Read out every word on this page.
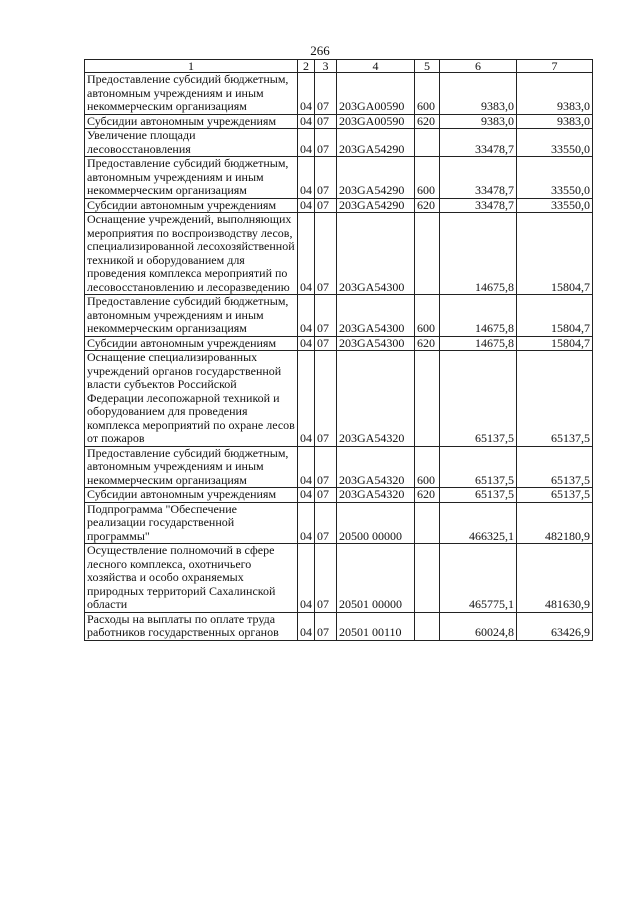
266
1	2	3	4	5	6	7
Предоставление субсидий бюджетным, автономным учреждениям и иным некоммерческим организациям	04	07	203GA00590	600	9383,0	9383,0
Субсидии автономным учреждениям	04	07	203GA00590	620	9383,0	9383,0
Увеличение площади лесовосстановления	04	07	203GA54290		33478,7	33550,0
Предоставление субсидий бюджетным, автономным учреждениям и иным некоммерческим организациям	04	07	203GA54290	600	33478,7	33550,0
Субсидии автономным учреждениям	04	07	203GA54290	620	33478,7	33550,0
Оснащение учреждений, выполняющих мероприятия по воспроизводству лесов, специализированной лесохозяйственной техникой и оборудованием для проведения комплекса мероприятий по лесовосстановлению и лесоразведению	04	07	203GA54300		14675,8	15804,7
Предоставление субсидий бюджетным, автономным учреждениям и иным некоммерческим организациям	04	07	203GA54300	600	14675,8	15804,7
Субсидии автономным учреждениям	04	07	203GA54300	620	14675,8	15804,7
Оснащение специализированных учреждений органов государственной власти субъектов Российской Федерации лесопожарной техникой и оборудованием для проведения комплекса мероприятий по охране лесов от пожаров	04	07	203GA54320		65137,5	65137,5
Предоставление субсидий бюджетным, автономным учреждениям и иным некоммерческим организациям	04	07	203GA54320	600	65137,5	65137,5
Субсидии автономным учреждениям	04	07	203GA54320	620	65137,5	65137,5
Подпрограмма "Обеспечение реализации государственной программы"	04	07	20500 00000		466325,1	482180,9
Осуществление полномочий в сфере лесного комплекса, охотничьего хозяйства и особо охраняемых природных территорий Сахалинской области	04	07	20501 00000		465775,1	481630,9
Расходы на выплаты по оплате труда работников государственных органов	04	07	20501 00110		60024,8	63426,9
